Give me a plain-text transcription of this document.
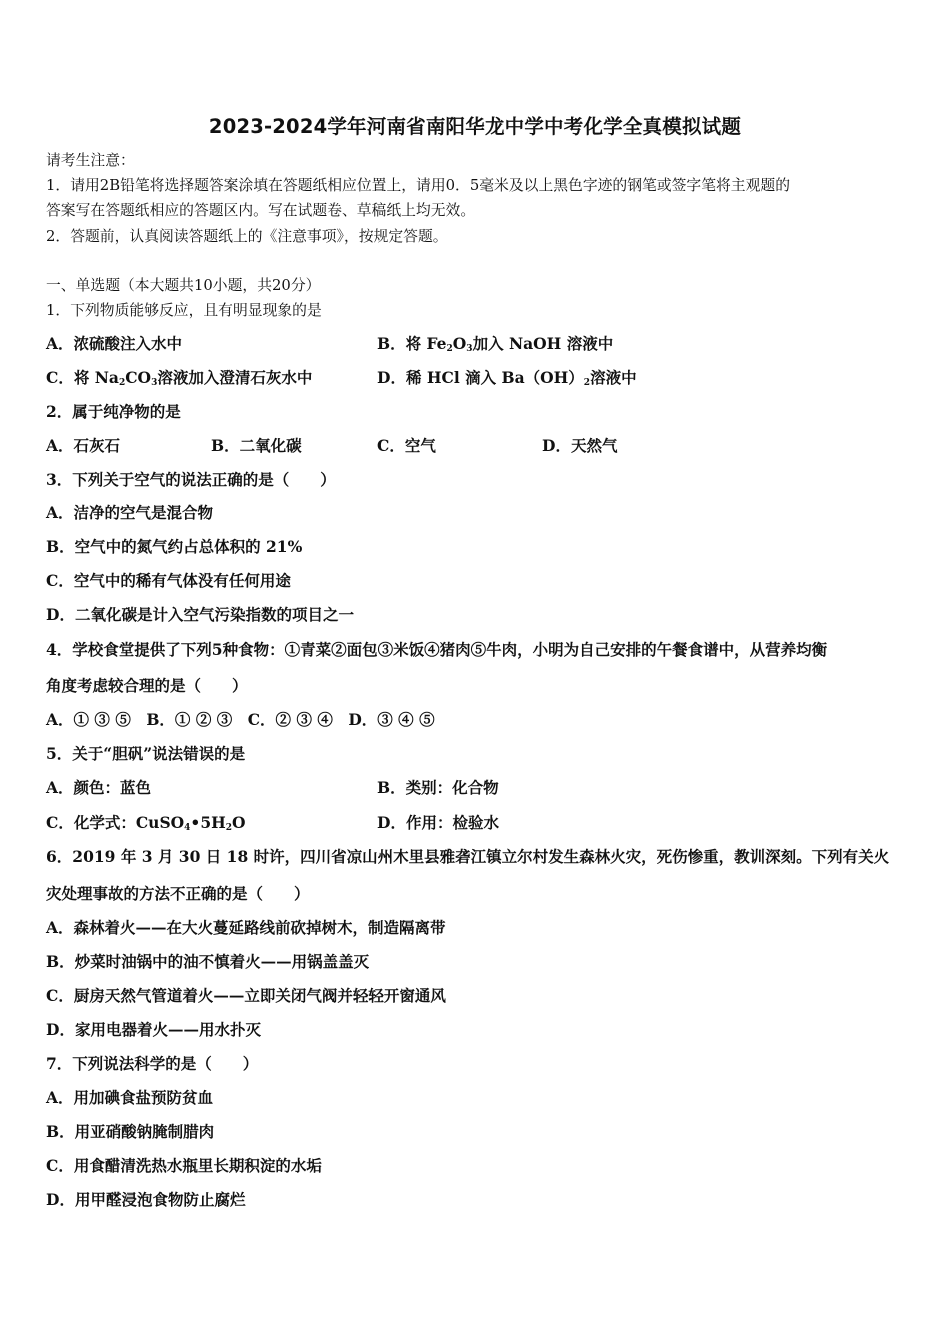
2023-2024学年河南省南阳华龙中学中考化学全真模拟试题
请考生注意：
1．请用2B铅笔将选择题答案涂填在答题纸相应位置上，请用0．5毫米及以上黑色字迹的钢笔或签字笔将主观题的
答案写在答题纸相应的答题区内。写在试题卷、草稿纸上均无效。
2．答题前，认真阅读答题纸上的《注意事项》，按规定答题。
一、单选题（本大题共10小题，共20分）
1．下列物质能够反应，且有明显现象的是
A．浓硫酸注入水中	B．将 $Fe_2O_3$加入 NaOH 溶液中
C．将 $Na_2CO_3$溶液加入澄清石灰水中	D．稀 HCl 滴入 $Ba(OH)_2$溶液中
2．属于纯净物的是
A．石灰石	B．二氧化碳	C．空气	D．天然气
3．下列关于空气的说法正确的是（　　）
A．洁净的空气是混合物
B．空气中的氮气约占总体积的 21%
C．空气中的稀有气体没有任何用途
D．二氧化碳是计入空气污染指数的项目之一
4．学校食堂提供了下列5种食物：①青菜②面包③米饭④猪肉⑤牛肉，小明为自己安排的午餐食谱中，从营养均衡
角度考虑较合理的是（　　）
A．① ③ ⑤　B．① ② ③　C．② ③ ④　D．③ ④ ⑤
5．关于“胆矾”说法错误的是
A．颜色：蓝色	B．类别：化合物
C．化学式：$CuSO_4•5H_2O$	D．作用：检验水
6．2019 年 3 月 30 日 18 时许，四川省凉山州木里县雅砻江镇立尔村发生森林火灾，死伤惨重，教训深刻。下列有关火
灾处理事故的方法不正确的是（　　）
A．森林着火——在大火蔓延路线前砍掉树木，制造隔离带
B．炒菜时油锅中的油不慎着火——用锅盖盖灭
C．厨房天然气管道着火——立即关闭气阀并轻轻开窗通风
D．家用电器着火——用水扑灭
7．下列说法科学的是（　　）
A．用加碘食盐预防贫血
B．用亚硝酸钠腌制腊肉
C．用食醋清洗热水瓶里长期积淀的水垢
D．用甲醛浸泡食物防止腐烂
